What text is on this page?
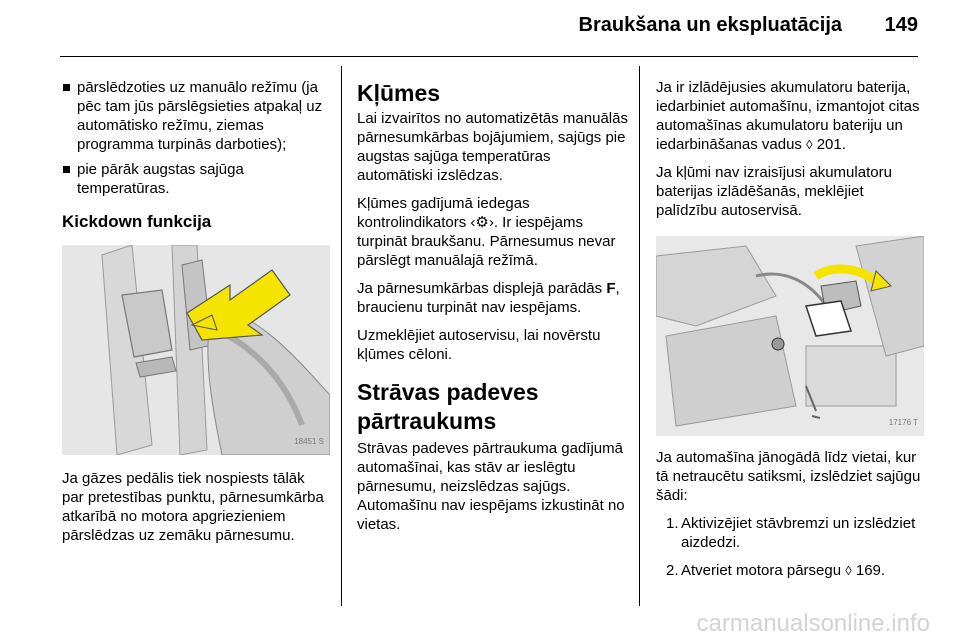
Braukšana un ekspluatācija 149
pārslēdzoties uz manuālo režīmu (ja pēc tam jūs pārslēgsieties atpakaļ uz automātisko režīmu, ziemas programma turpinās darboties);
pie pārāk augstas sajūga temperatūras.
Kickdown funkcija
18451 S

Ja gāzes pedālis tiek nospiests tālāk par pretestības punktu, pārnesumkārba atkarībā no motora apgriezieniem pārslēdzas uz zemāku pārnesumu.

Kļūmes

Lai izvairītos no automatizētās manuālās pārnesumkārbas bojājumiem, sajūgs pie augstas sajūga temperatūras automātiski izslēdzas.

Kļūmes gadījumā iedegas kontrolindikators ‹⚙›. Ir iespējams turpināt braukšanu. Pārnesumus nevar pārslēgt manuālajā režīmā.

Ja pārnesumkārbas displejā parādās F, braucienu turpināt nav iespējams.

Uzmeklējiet autoservisu, lai novērstu kļūmes cēloni.

Strāvas padeves
pārtraukums

Strāvas padeves pārtraukuma gadījumā automašīnai, kas stāv ar ieslēgtu pārnesumu, neizslēdzas sajūgs. Automašīnu nav iespējams izkustināt no vietas.

Ja ir izlādējusies akumulatoru baterija, iedarbiniet automašīnu, izmantojot citas automašīnas akumulatoru bateriju un iedarbināšanas vadus ◊ 201.

Ja kļūmi nav izraisījusi akumulatoru baterijas izlādēšanās, meklējiet palīdzību autoservisā.

17176 T

Ja automašīna jānogādā līdz vietai, kur tā netraucētu satiksmi, izslēdziet sajūgu šādi:

1. Aktivizējiet stāvbremzi un izslēdziet aizdedzi.
2. Atveriet motora pārsegu ◊ 169.
carmanualsonline.info
